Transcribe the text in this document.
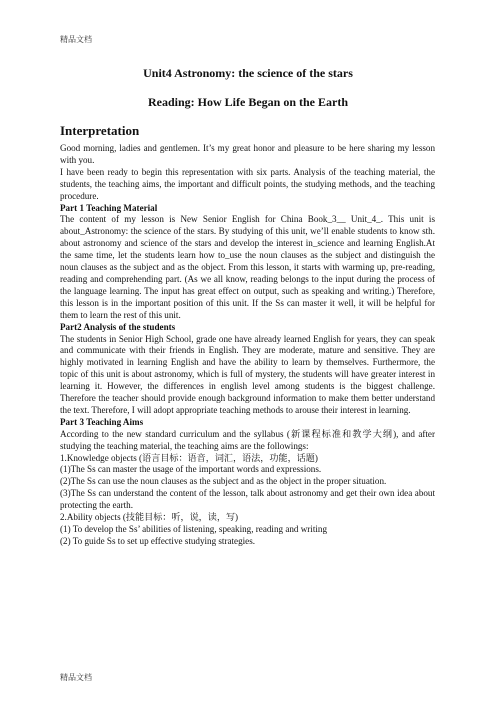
精品文档
Unit4 Astronomy: the science of the stars
Reading: How Life Began on the Earth
Interpretation

Good morning, ladies and gentlemen. It’s my great honor and pleasure to be here sharing my lesson with you.

I have been ready to begin this representation with six parts. Analysis of the teaching material, the students, the teaching aims, the important and difficult points, the studying methods, and the teaching procedure.

Part 1 Teaching Material

The content of my lesson is New Senior English for China Book_3__ Unit_4_. This unit is about_Astronomy: the science of the stars. By studying of this unit, we’ll enable students to know sth. about astronomy and science of the stars and develop the interest in_science and learning English.At the same time, let the students learn how to_use the noun clauses as the subject and distinguish the noun clauses as the subject and as the object. From this lesson, it starts with warming up, pre-reading, reading and comprehending part. (As we all know, reading belongs to the input during the process of the language learning. The input has great effect on output, such as speaking and writing.) Therefore, this lesson is in the important position of this unit. If the Ss can master it well, it will be helpful for them to learn the rest of this unit.

Part2 Analysis of the students

The students in Senior High School, grade one have already learned English for years, they can speak and communicate with their friends in English. They are moderate, mature and sensitive. They are highly motivated in learning English and have the ability to learn by themselves. Furthermore, the topic of this unit is about astronomy, which is full of mystery, the students will have greater interest in learning it. However, the differences in english level among students is the biggest challenge. Therefore the teacher should provide enough background information to make them better understand the text. Therefore, I will adopt appropriate teaching methods to arouse their interest in learning.

Part 3 Teaching Aims

According to the new standard curriculum and the syllabus (新课程标准和教学大纲), and after studying the teaching material, the teaching aims are the followings:

1.Knowledge objects (语言目标：语音，词汇，语法，功能，话题)

(1)The Ss can master the usage of the important words and expressions.

(2)The Ss can use the noun clauses as the subject and as the object in the proper situation.

(3)The Ss can understand the content of the lesson, talk about astronomy and get their own idea about protecting the earth.

2.Ability objects (技能目标：听，说，读，写)

(1) To develop the Ss’ abilities of listening, speaking, reading and writing

(2) To guide Ss to set up effective studying strategies.

精品文档
